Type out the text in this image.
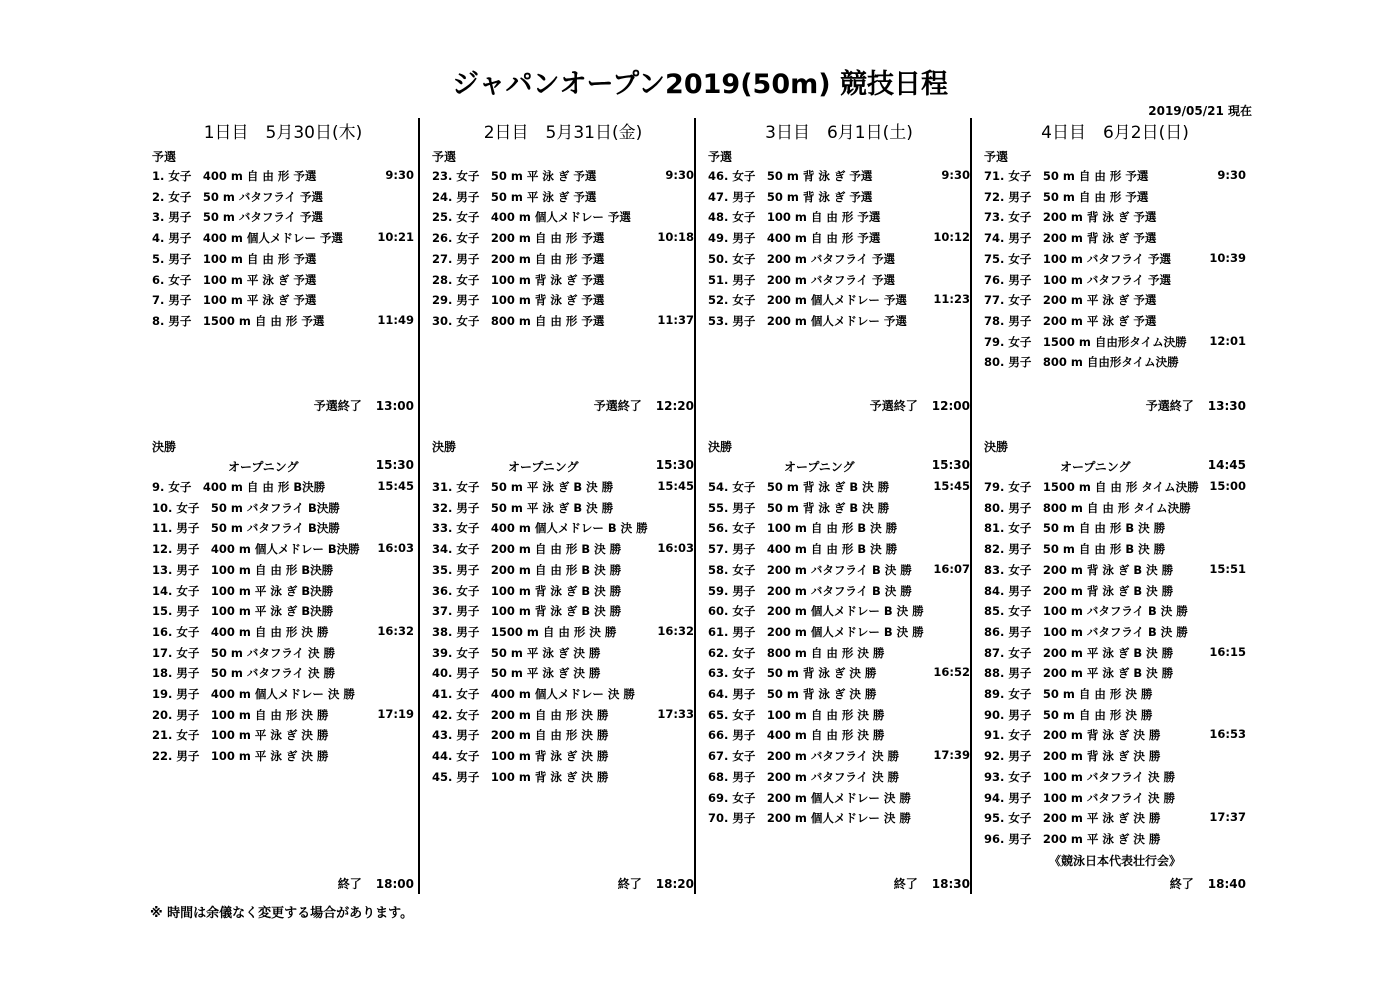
ジャパンオープン2019(50m) 競技日程
2019/05/21 現在
1日目　5月30日(木)
予選
1. 女子　400 m 自 由 形 予選	9:30
2. 女子　50 m バタフライ 予選
3. 男子　50 m バタフライ 予選
4. 男子　400 m 個人メドレー 予選	10:21
5. 男子　100 m 自 由 形 予選
6. 女子　100 m 平 泳 ぎ 予選
7. 男子　100 m 平 泳 ぎ 予選
8. 男子　1500 m 自 由 形 予選	11:49
予選終了 13:00
決勝
オープニング	15:30
9. 女子　400 m 自 由 形 B決勝	15:45
10. 女子　50 m バタフライ B決勝
11. 男子　50 m バタフライ B決勝
12. 男子　400 m 個人メドレー B決勝 16:03
13. 男子　100 m 自 由 形 B決勝
14. 女子　100 m 平 泳 ぎ B決勝
15. 男子　100 m 平 泳 ぎ B決勝
16. 女子　400 m 自 由 形 決 勝	16:32
17. 女子　50 m バタフライ 決 勝
18. 男子　50 m バタフライ 決 勝
19. 男子　400 m 個人メドレー 決 勝
20. 男子　100 m 自 由 形 決 勝	17:19
21. 女子　100 m 平 泳 ぎ 決 勝
22. 男子　100 m 平 泳 ぎ 決 勝
終了 18:00
2日目　5月31日(金)
予選
23. 女子　50 m 平 泳 ぎ 予選	9:30
24. 男子　50 m 平 泳 ぎ 予選
25. 女子　400 m 個人メドレー 予選
26. 女子　200 m 自 由 形 予選	10:18
27. 男子　200 m 自 由 形 予選
28. 女子　100 m 背 泳 ぎ 予選
29. 男子　100 m 背 泳 ぎ 予選
30. 女子　800 m 自 由 形 予選	11:37
予選終了 12:20
決勝
オープニング	15:30
31. 女子　50 m 平 泳 ぎ B 決 勝	15:45
32. 男子　50 m 平 泳 ぎ B 決 勝
33. 女子　400 m 個人メドレー B 決 勝
34. 女子　200 m 自 由 形 B 決 勝	16:03
35. 男子　200 m 自 由 形 B 決 勝
36. 女子　100 m 背 泳 ぎ B 決 勝
37. 男子　100 m 背 泳 ぎ B 決 勝
38. 男子　1500 m 自 由 形 決 勝	16:32
39. 女子　50 m 平 泳 ぎ 決 勝
40. 男子　50 m 平 泳 ぎ 決 勝
41. 女子　400 m 個人メドレー 決 勝
42. 女子　200 m 自 由 形 決 勝	17:33
43. 男子　200 m 自 由 形 決 勝
44. 女子　100 m 背 泳 ぎ 決 勝
45. 男子　100 m 背 泳 ぎ 決 勝
終了 18:20
3日目　6月1日(土)
予選
46. 女子　50 m 背 泳 ぎ 予選	9:30
47. 男子　50 m 背 泳 ぎ 予選
48. 女子　100 m 自 由 形 予選
49. 男子　400 m 自 由 形 予選	10:12
50. 女子　200 m バタフライ 予選
51. 男子　200 m バタフライ 予選
52. 女子　200 m 個人メドレー 予選 11:23
53. 男子　200 m 個人メドレー 予選
予選終了 12:00
決勝
オープニング	15:30
54. 女子　50 m 背 泳 ぎ B 決 勝	15:45
55. 男子　50 m 背 泳 ぎ B 決 勝
56. 女子　100 m 自 由 形 B 決 勝
57. 男子　400 m 自 由 形 B 決 勝
58. 女子　200 m バタフライ B 決 勝 16:07
59. 男子　200 m バタフライ B 決 勝
60. 女子　200 m 個人メドレー B 決 勝
61. 男子　200 m 個人メドレー B 決 勝
62. 女子　800 m 自 由 形 決 勝
63. 女子　50 m 背 泳 ぎ 決 勝	16:52
64. 男子　50 m 背 泳 ぎ 決 勝
65. 女子　100 m 自 由 形 決 勝
66. 男子　400 m 自 由 形 決 勝
67. 女子　200 m バタフライ 決 勝	17:39
68. 男子　200 m バタフライ 決 勝
69. 女子　200 m 個人メドレー 決 勝
70. 男子　200 m 個人メドレー 決 勝
終了 18:30
4日目　6月2日(日)
予選
71. 女子　50 m 自 由 形 予選	9:30
72. 男子　50 m 自 由 形 予選
73. 女子　200 m 背 泳 ぎ 予選
74. 男子　200 m 背 泳 ぎ 予選
75. 女子　100 m バタフライ 予選	10:39
76. 男子　100 m バタフライ 予選
77. 女子　200 m 平 泳 ぎ 予選
78. 男子　200 m 平 泳 ぎ 予選
79. 女子　1500 m 自由形タイム決勝 12:01
80. 男子　800 m 自由形タイム決勝
予選終了 13:30
決勝
オープニング	14:45
79. 女子　1500 m 自 由 形 タイム決勝 15:00
80. 男子　800 m 自 由 形 タイム決勝
81. 女子　50 m 自 由 形 B 決 勝
82. 男子　50 m 自 由 形 B 決 勝
83. 女子　200 m 背 泳 ぎ B 決 勝	15:51
84. 男子　200 m 背 泳 ぎ B 決 勝
85. 女子　100 m バタフライ B 決 勝
86. 男子　100 m バタフライ B 決 勝
87. 女子　200 m 平 泳 ぎ B 決 勝	16:15
88. 男子　200 m 平 泳 ぎ B 決 勝
89. 女子　50 m 自 由 形 決 勝
90. 男子　50 m 自 由 形 決 勝
91. 女子　200 m 背 泳 ぎ 決 勝	16:53
92. 男子　200 m 背 泳 ぎ 決 勝
93. 女子　100 m バタフライ 決 勝
94. 男子　100 m バタフライ 決 勝
95. 女子　200 m 平 泳 ぎ 決 勝	17:37
96. 男子　200 m 平 泳 ぎ 決 勝
《競泳日本代表壮行会》
終了 18:40
※ 時間は余儀なく変更する場合があります。
